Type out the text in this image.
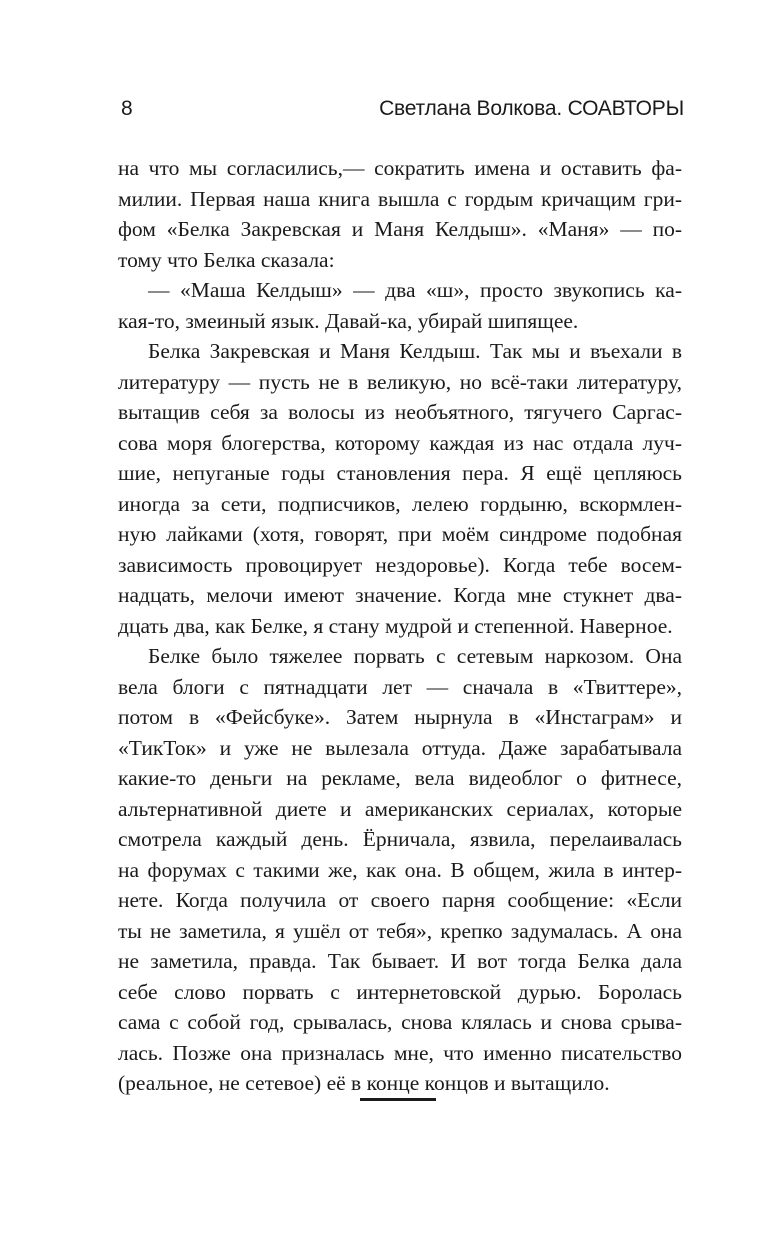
8	Светлана Волкова. СОАВТОРЫ
на что мы согласились,— сократить имена и оставить фа-
милии. Первая наша книга вышла с гордым кричащим гри-
фом «Белка Закревская и Маня Келдыш». «Маня» — по-
тому что Белка сказала:
— «Маша Келдыш» — два «ш», просто звукопись ка-
кая-то, змеиный язык. Давай-ка, убирай шипящее.
Белка Закревская и Маня Келдыш. Так мы и въехали в
литературу — пусть не в великую, но всё-таки литературу,
вытащив себя за волосы из необъятного, тягучего Саргас-
сова моря блогерства, которому каждая из нас отдала луч-
шие, непуганые годы становления пера. Я ещё цепляюсь
иногда за сети, подписчиков, лелею гордыню, вскормлен-
ную лайками (хотя, говорят, при моём синдроме подобная
зависимость провоцирует нездоровье). Когда тебе восем-
надцать, мелочи имеют значение. Когда мне стукнет два-
дцать два, как Белке, я стану мудрой и степенной. Наверное.
Белке было тяжелее порвать с сетевым наркозом. Она
вела блоги с пятнадцати лет — сначала в «Твиттере»,
потом в «Фейсбуке». Затем нырнула в «Инстаграм» и
«ТикТок» и уже не вылезала оттуда. Даже зарабатывала
какие-то деньги на рекламе, вела видеоблог о фитнесе,
альтернативной диете и американских сериалах, которые
смотрела каждый день. Ёрничала, язвила, перелаивалась
на форумах с такими же, как она. В общем, жила в интер-
нете. Когда получила от своего парня сообщение: «Если
ты не заметила, я ушёл от тебя», крепко задумалась. А она
не заметила, правда. Так бывает. И вот тогда Белка дала
себе слово порвать с интернетовской дурью. Боролась
сама с собой год, срывалась, снова клялась и снова срыва-
лась. Позже она призналась мне, что именно писательство
(реальное, не сетевое) её в конце концов и вытащило.
